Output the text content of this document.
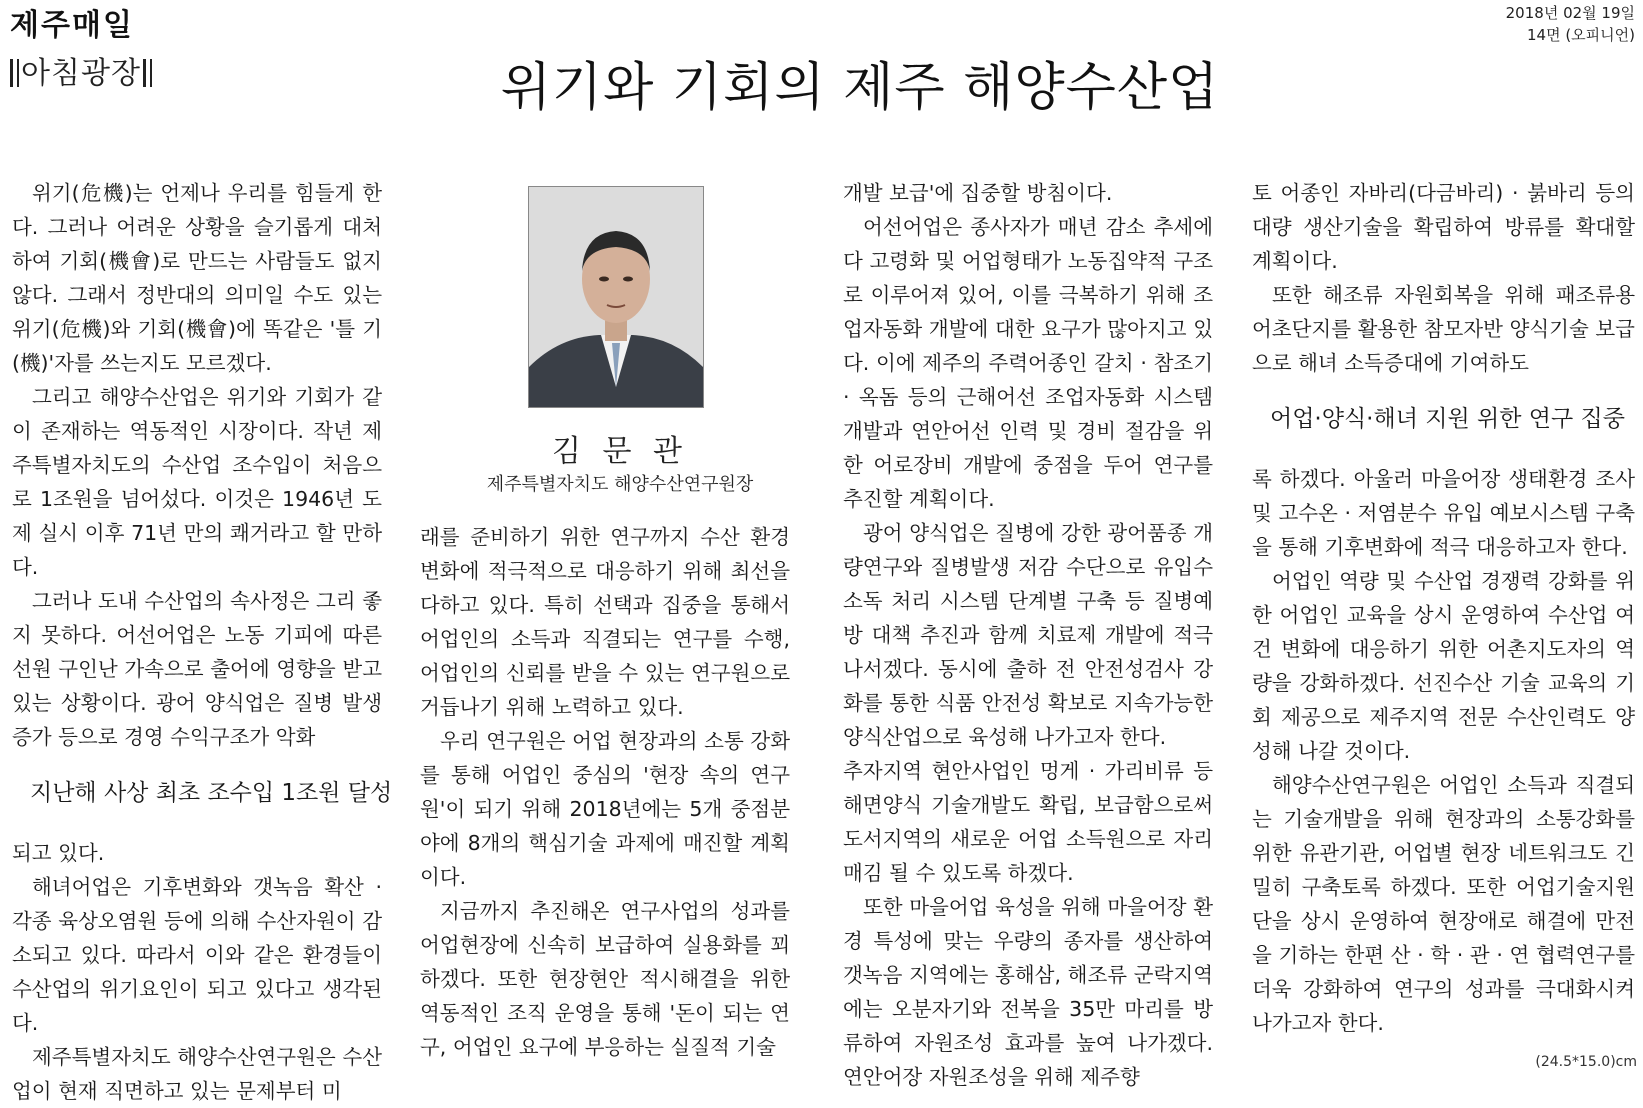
제주매일	2018년 02월 19일
14면 (오피니언)
아침광장	위기와 기회의 제주 해양수산업

위기(危機)는 언제나 우리를 힘들게 한다. 그러나 어려운 상황을 슬기롭게 대처하여 기회(機會)로 만드는 사람들도 없지 않다. 그래서 정반대의 의미일 수도 있는 위기(危機)와 기회(機會)에 똑같은 '틀 기(機)'자를 쓰는지도 모르겠다.

그리고 해양수산업은 위기와 기회가 같이 존재하는 역동적인 시장이다. 작년 제주특별자치도의 수산업 조수입이 처음으로 1조원을 넘어섰다. 이것은 1946년 도제 실시 이후 71년 만의 쾌거라고 할 만하다.

그러나 도내 수산업의 속사정은 그리 좋지 못하다. 어선어업은 노동 기피에 따른 선원 구인난 가속으로 출어에 영향을 받고 있는 상황이다. 광어 양식업은 질병 발생 증가 등으로 경영 수익구조가 악화

지난해 사상 최초 조수입 1조원 달성

되고 있다.

해녀어업은 기후변화와 갯녹음 확산 · 각종 육상오염원 등에 의해 수산자원이 감소되고 있다. 따라서 이와 같은 환경들이 수산업의 위기요인이 되고 있다고 생각된다.

제주특별자치도 해양수산연구원은 수산업이 현재 직면하고 있는 문제부터 미

김 문 관
제주특별자치도 해양수산연구원장

래를 준비하기 위한 연구까지 수산 환경 변화에 적극적으로 대응하기 위해 최선을 다하고 있다. 특히 선택과 집중을 통해서 어업인의 소득과 직결되는 연구를 수행, 어업인의 신뢰를 받을 수 있는 연구원으로 거듭나기 위해 노력하고 있다.

우리 연구원은 어업 현장과의 소통 강화를 통해 어업인 중심의 '현장 속의 연구원'이 되기 위해 2018년에는 5개 중점분야에 8개의 핵심기술 과제에 매진할 계획이다.

지금까지 추진해온 연구사업의 성과를 어업현장에 신속히 보급하여 실용화를 꾀하겠다. 또한 현장현안 적시해결을 위한 역동적인 조직 운영을 통해 '돈이 되는 연구, 어업인 요구에 부응하는 실질적 기술

개발 보급'에 집중할 방침이다.

어선어업은 종사자가 매년 감소 추세에 다 고령화 및 어업형태가 노동집약적 구조로 이루어져 있어, 이를 극복하기 위해 조업자동화 개발에 대한 요구가 많아지고 있다. 이에 제주의 주력어종인 갈치 · 참조기 · 옥돔 등의 근해어선 조업자동화 시스템 개발과 연안어선 인력 및 경비 절감을 위한 어로장비 개발에 중점을 두어 연구를 추진할 계획이다.

광어 양식업은 질병에 강한 광어품종 개량연구와 질병발생 저감 수단으로 유입수 소독 처리 시스템 단계별 구축 등 질병예방 대책 추진과 함께 치료제 개발에 적극 나서겠다. 동시에 출하 전 안전성검사 강화를 통한 식품 안전성 확보로 지속가능한 양식산업으로 육성해 나가고자 한다.

추자지역 현안사업인 멍게 · 가리비류 등 해면양식 기술개발도 확립, 보급함으로써 도서지역의 새로운 어업 소득원으로 자리매김 될 수 있도록 하겠다.

또한 마을어업 육성을 위해 마을어장 환경 특성에 맞는 우량의 종자를 생산하여 갯녹음 지역에는 홍해삼, 해조류 군락지역에는 오분자기와 전복을 35만 마리를 방류하여 자원조성 효과를 높여 나가겠다. 연안어장 자원조성을 위해 제주향

토 어종인 자바리(다금바리) · 붉바리 등의 대량 생산기술을 확립하여 방류를 확대할 계획이다.

또한 해조류 자원회복을 위해 패조류용 어초단지를 활용한 참모자반 양식기술 보급으로 해녀 소득증대에 기여하도

어업·양식·해녀 지원 위한 연구 집중

록 하겠다. 아울러 마을어장 생태환경 조사 및 고수온 · 저염분수 유입 예보시스템 구축을 통해 기후변화에 적극 대응하고자 한다.

어업인 역량 및 수산업 경쟁력 강화를 위한 어업인 교육을 상시 운영하여 수산업 여건 변화에 대응하기 위한 어촌지도자의 역량을 강화하겠다. 선진수산 기술 교육의 기회 제공으로 제주지역 전문 수산인력도 양성해 나갈 것이다.

해양수산연구원은 어업인 소득과 직결되는 기술개발을 위해 현장과의 소통강화를 위한 유관기관, 어업별 현장 네트워크도 긴밀히 구축토록 하겠다. 또한 어업기술지원단을 상시 운영하여 현장애로 해결에 만전을 기하는 한편 산 · 학 · 관 · 연 협력연구를 더욱 강화하여 연구의 성과를 극대화시켜 나가고자 한다.

(24.5*15.0)cm
